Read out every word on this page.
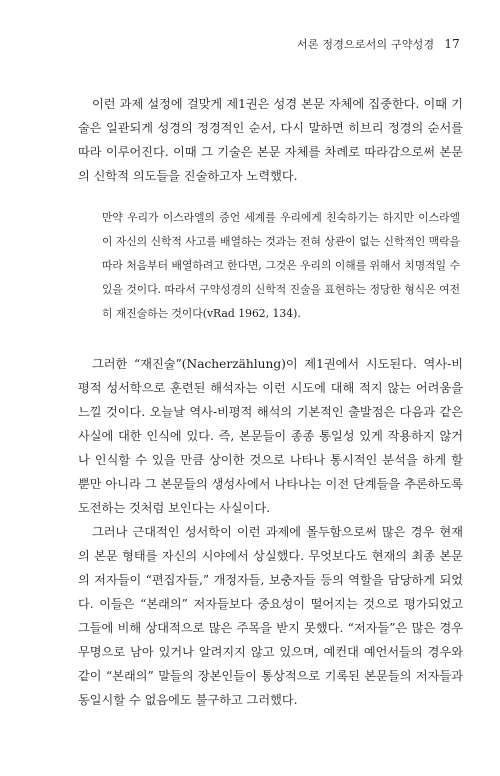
서론 정경으로서의 구약성경 17

이런 과제 설정에 걸맞게 제1권은 성경 본문 자체에 집중한다. 이때 기술은 일관되게 성경의 정경적인 순서, 다시 말하면 히브리 정경의 순서를 따라 이루어진다. 이때 그 기술은 본문 자체를 차례로 따라감으로써 본문의 신학적 의도들을 진술하고자 노력했다.

만약 우리가 이스라엘의 증언 세계를 우리에게 친숙하기는 하지만 이스라엘이 자신의 신학적 사고를 배열하는 것과는 전혀 상관이 없는 신학적인 맥락을 따라 처음부터 배열하려고 한다면, 그것은 우리의 이해를 위해서 치명적일 수 있을 것이다. 따라서 구약성경의 신학적 진술을 표현하는 정당한 형식은 여전히 재진술하는 것이다(vRad 1962, 134).

그러한 “재진술”(Nacherzählung)이 제1권에서 시도된다. 역사-비평적 성서학으로 훈련된 해석자는 이런 시도에 대해 적지 않는 어려움을 느낄 것이다. 오늘날 역사-비평적 해석의 기본적인 출발점은 다음과 같은 사실에 대한 인식에 있다. 즉, 본문들이 종종 통일성 있게 작용하지 않거나 인식할 수 있을 만큼 상이한 것으로 나타나 통시적인 분석을 하게 할 뿐만 아니라 그 본문들의 생성사에서 나타나는 이전 단계들을 추론하도록 도전하는 것처럼 보인다는 사실이다.

그러나 근대적인 성서학이 이런 과제에 몰두함으로써 많은 경우 현재의 본문 형태를 자신의 시야에서 상실했다. 무엇보다도 현재의 최종 본문의 저자들이 “편집자들,” 개정자들, 보충자들 등의 역할을 담당하게 되었다. 이들은 “본래의” 저자들보다 중요성이 떨어지는 것으로 평가되었고 그들에 비해 상대적으로 많은 주목을 받지 못했다. “저자들”은 많은 경우 무명으로 남아 있거나 알려지지 않고 있으며, 예컨대 예언서들의 경우와 같이 “본래의” 말들의 장본인들이 통상적으로 기록된 본문들의 저자들과 동일시할 수 없음에도 불구하고 그러했다.
